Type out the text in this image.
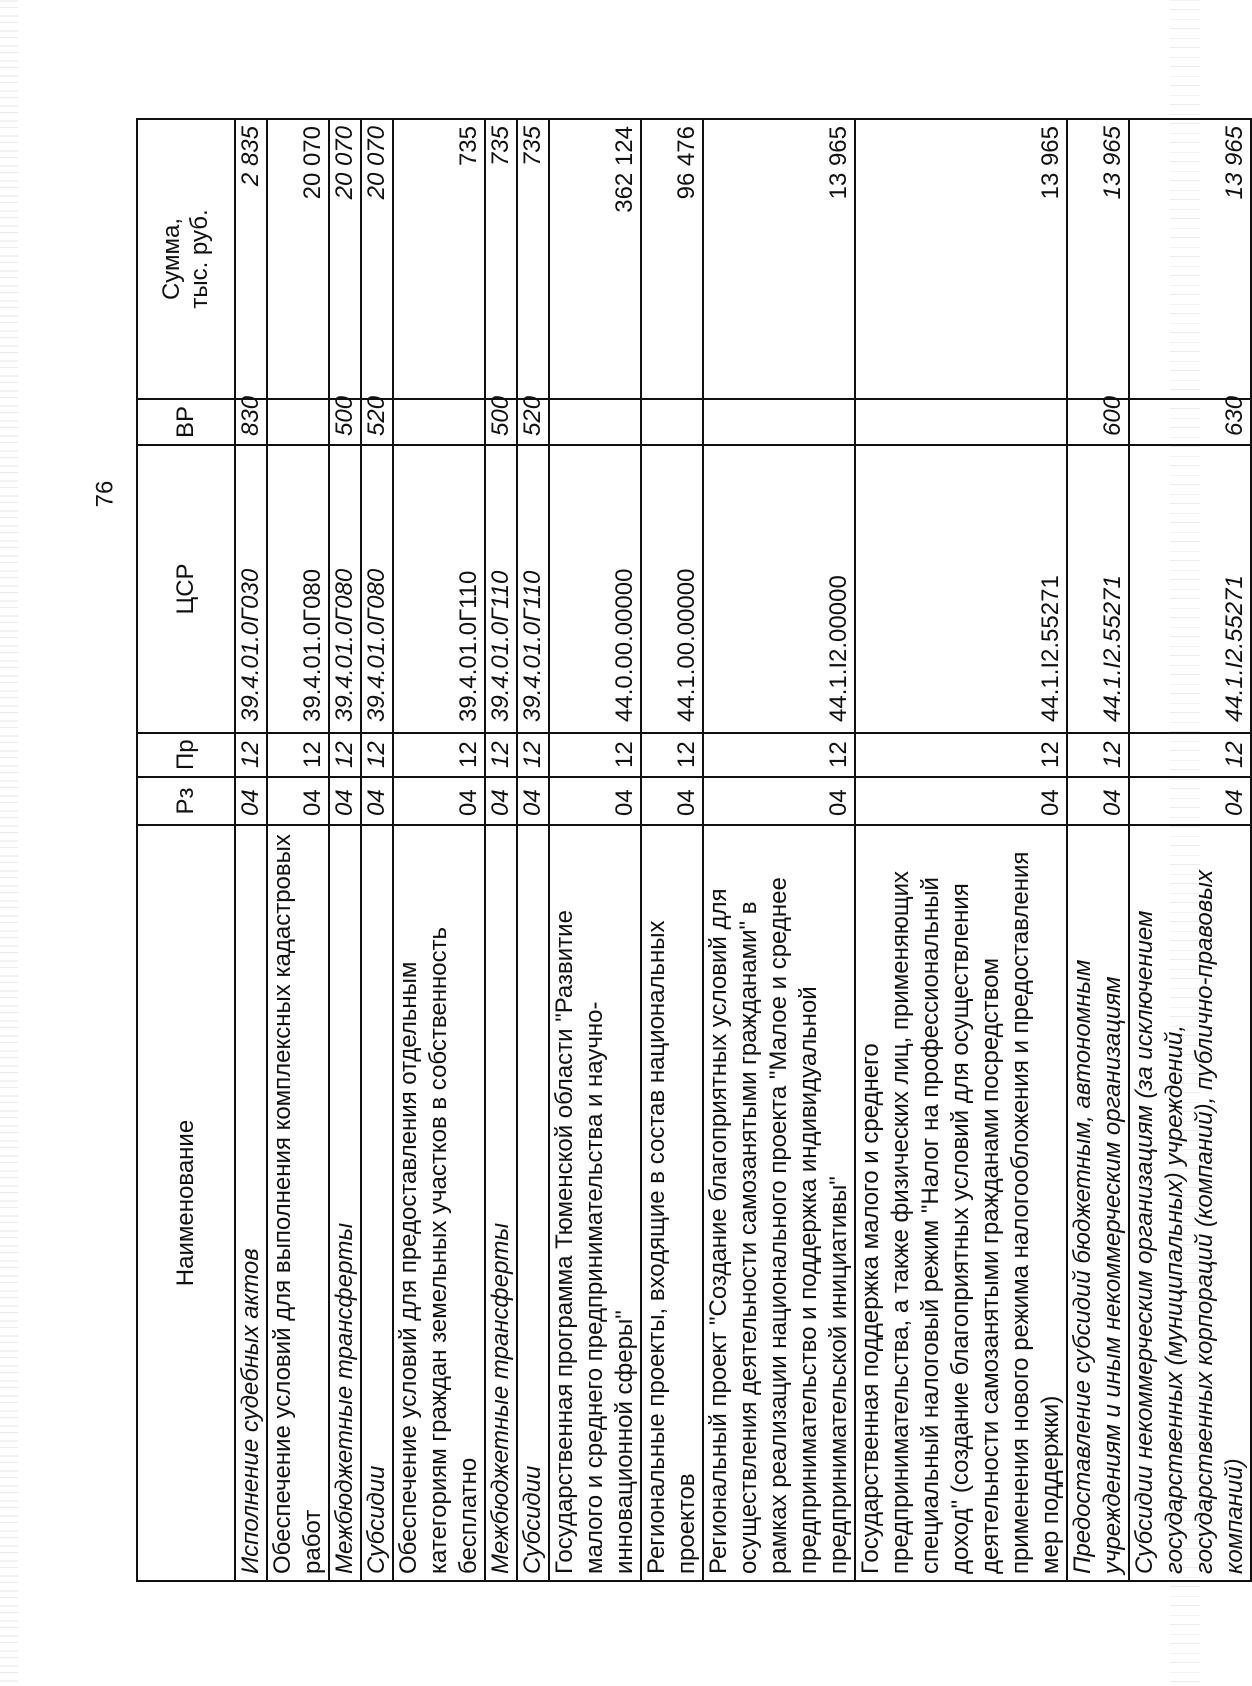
76
Наименование	Рз	Пр	ЦСР	ВР	Сумма,
тыс. руб.
Исполнение судебных актов	04	12	39.4.01.0Г030	830	2 835
Обеспечение условий для выполнения комплексных кадастровых работ	04	12	39.4.01.0Г080		20 070
Межбюджетные трансферты	04	12	39.4.01.0Г080	500	20 070
Субсидии	04	12	39.4.01.0Г080	520	20 070
Обеспечение условий для предоставления отдельным категориям граждан земельных участков в собственность бесплатно	04	12	39.4.01.0Г110		735
Межбюджетные трансферты	04	12	39.4.01.0Г110	500	735
Субсидии	04	12	39.4.01.0Г110	520	735
Государственная программа Тюменской области "Развитие малого и среднего предпринимательства и научно-инновационной сферы"	04	12	44.0.00.00000		362 124
Региональные проекты, входящие в состав национальных проектов	04	12	44.1.00.00000		96 476
Региональный проект "Создание благоприятных условий для осуществления деятельности самозанятыми гражданами" в рамках реализации национального проекта "Малое и среднее предпринимательство и поддержка индивидуальной предпринимательской инициативы"	04	12	44.1.I2.00000		13 965
Государственная поддержка малого и среднего предпринимательства, а также физических лиц, применяющих специальный налоговый режим "Налог на профессиональный доход" (создание благоприятных условий для осуществления деятельности самозанятыми гражданами посредством применения нового режима налогообложения и предоставления мер поддержки)	04	12	44.1.I2.55271		13 965
Предоставление субсидий бюджетным, автономным учреждениям и иным некоммерческим организациям	04	12	44.1.I2.55271	600	13 965
Субсидии некоммерческим организациям (за исключением государственных (муниципальных) учреждений, государственных корпораций (компаний), публично-правовых компаний)	04	12	44.1.I2.55271	630	13 965
